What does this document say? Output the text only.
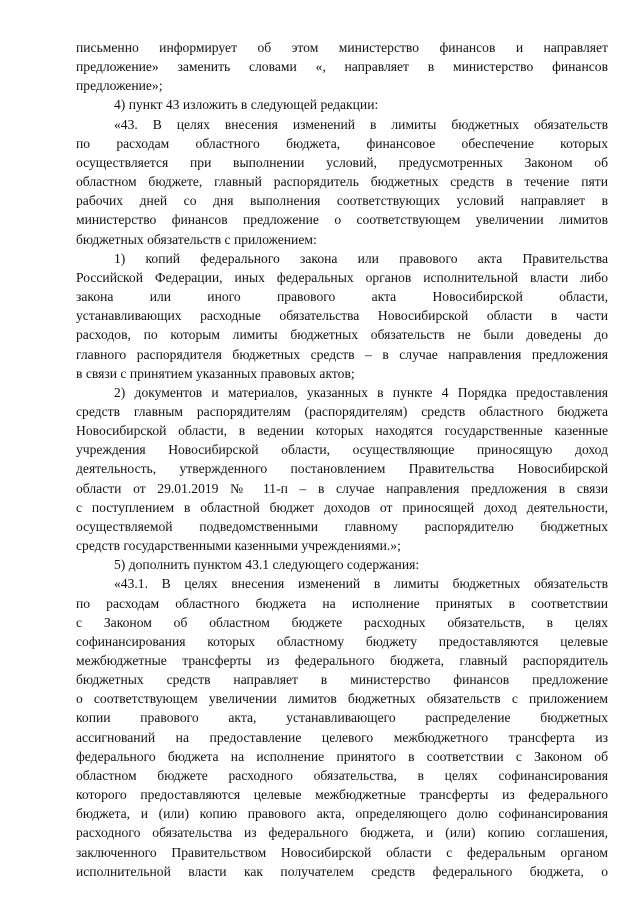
письменно информирует об этом министерство финансов и направляет
предложение» заменить словами «, направляет в министерство финансов
предложение»;
4) пункт 43 изложить в следующей редакции:
«43. В целях внесения изменений в лимиты бюджетных обязательств
по расходам областного бюджета, финансовое обеспечение которых
осуществляется при выполнении условий, предусмотренных Законом об
областном бюджете, главный распорядитель бюджетных средств в течение пяти
рабочих дней со дня выполнения соответствующих условий направляет в
министерство финансов предложение о соответствующем увеличении лимитов
бюджетных обязательств с приложением:
1) копий федерального закона или правового акта Правительства
Российской Федерации, иных федеральных органов исполнительной власти либо
закона или иного правового акта Новосибирской области,
устанавливающих расходные обязательства Новосибирской области в части
расходов, по которым лимиты бюджетных обязательств не были доведены до
главного распорядителя бюджетных средств – в случае направления предложения
в связи с принятием указанных правовых актов;
2) документов и материалов, указанных в пункте 4 Порядка предоставления
средств главным распорядителям (распорядителям) средств областного бюджета
Новосибирской области, в ведении которых находятся государственные казенные
учреждения Новосибирской области, осуществляющие приносящую доход
деятельность, утвержденного постановлением Правительства Новосибирской
области от 29.01.2019 № 11-п – в случае направления предложения в связи
с поступлением в областной бюджет доходов от приносящей доход деятельности,
осуществляемой подведомственными главному распорядителю бюджетных
средств государственными казенными учреждениями.»;
5) дополнить пунктом 43.1 следующего содержания:
«43.1. В целях внесения изменений в лимиты бюджетных обязательств
по расходам областного бюджета на исполнение принятых в соответствии
с Законом об областном бюджете расходных обязательств, в целях
софинансирования которых областному бюджету предоставляются целевые
межбюджетные трансферты из федерального бюджета, главный распорядитель
бюджетных средств направляет в министерство финансов предложение
о соответствующем увеличении лимитов бюджетных обязательств с приложением
копии правового акта, устанавливающего распределение бюджетных
ассигнований на предоставление целевого межбюджетного трансферта из
федерального бюджета на исполнение принятого в соответствии с Законом об
областном бюджете расходного обязательства, в целях софинансирования
которого предоставляются целевые межбюджетные трансферты из федерального
бюджета, и (или) копию правового акта, определяющего долю софинансирования
расходного обязательства из федерального бюджета, и (или) копию соглашения,
заключенного Правительством Новосибирской области с федеральным органом
исполнительной власти как получателем средств федерального бюджета, о
